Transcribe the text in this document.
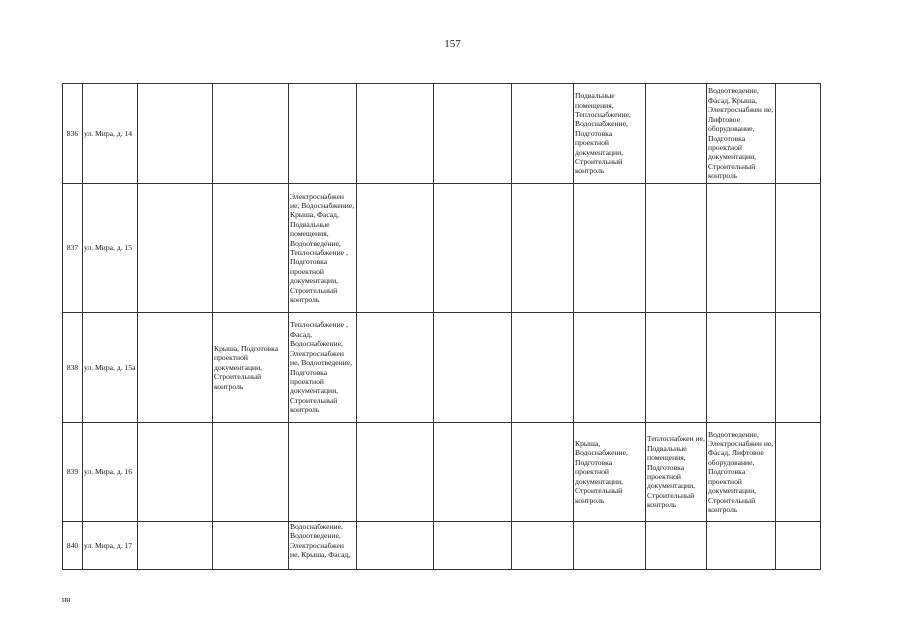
157
836	ул. Мира, д. 14							Подвальные помещения, Теплоснабжение, Водоснабжение, Подготовка проектной документации, Строительный контроль		Водоотведение, Фасад, Крыша, Электроснабжен ие, Лифтовое оборудование, Подготовка проектной документации, Строительный контроль	
837	ул. Мира, д. 15			Электроснабжен ие, Водоснабжение, Крыша, Фасад, Подвальные помещения, Водоотведение, Теплоснабжение , Подготовка проектной документации, Строительный контроль							
838	ул. Мира, д. 15а		Крыша, Подготовка проектной документации, Строительный контроль	Теплоснабжение , Фасад, Водоснабжение, Электроснабжен ие, Водоотведение, Подготовка проектной документации, Строительный контроль							
839	ул. Мира, д. 16							Крыша, Водоснабжение, Подготовка проектной документации, Строительный контроль	Теплоснабжен ие, Подвальные помещения, Подготовка проектной документации, Строительный контроль	Водоотведение, Электроснабжен ие, Фасад, Лифтовое оборудование, Подготовка проектной документации, Строительный контроль	
840	ул. Мира, д. 17			Водоснабжение, Водоотведение, Электроснабжен ие, Крыша, Фасад,							
нн
